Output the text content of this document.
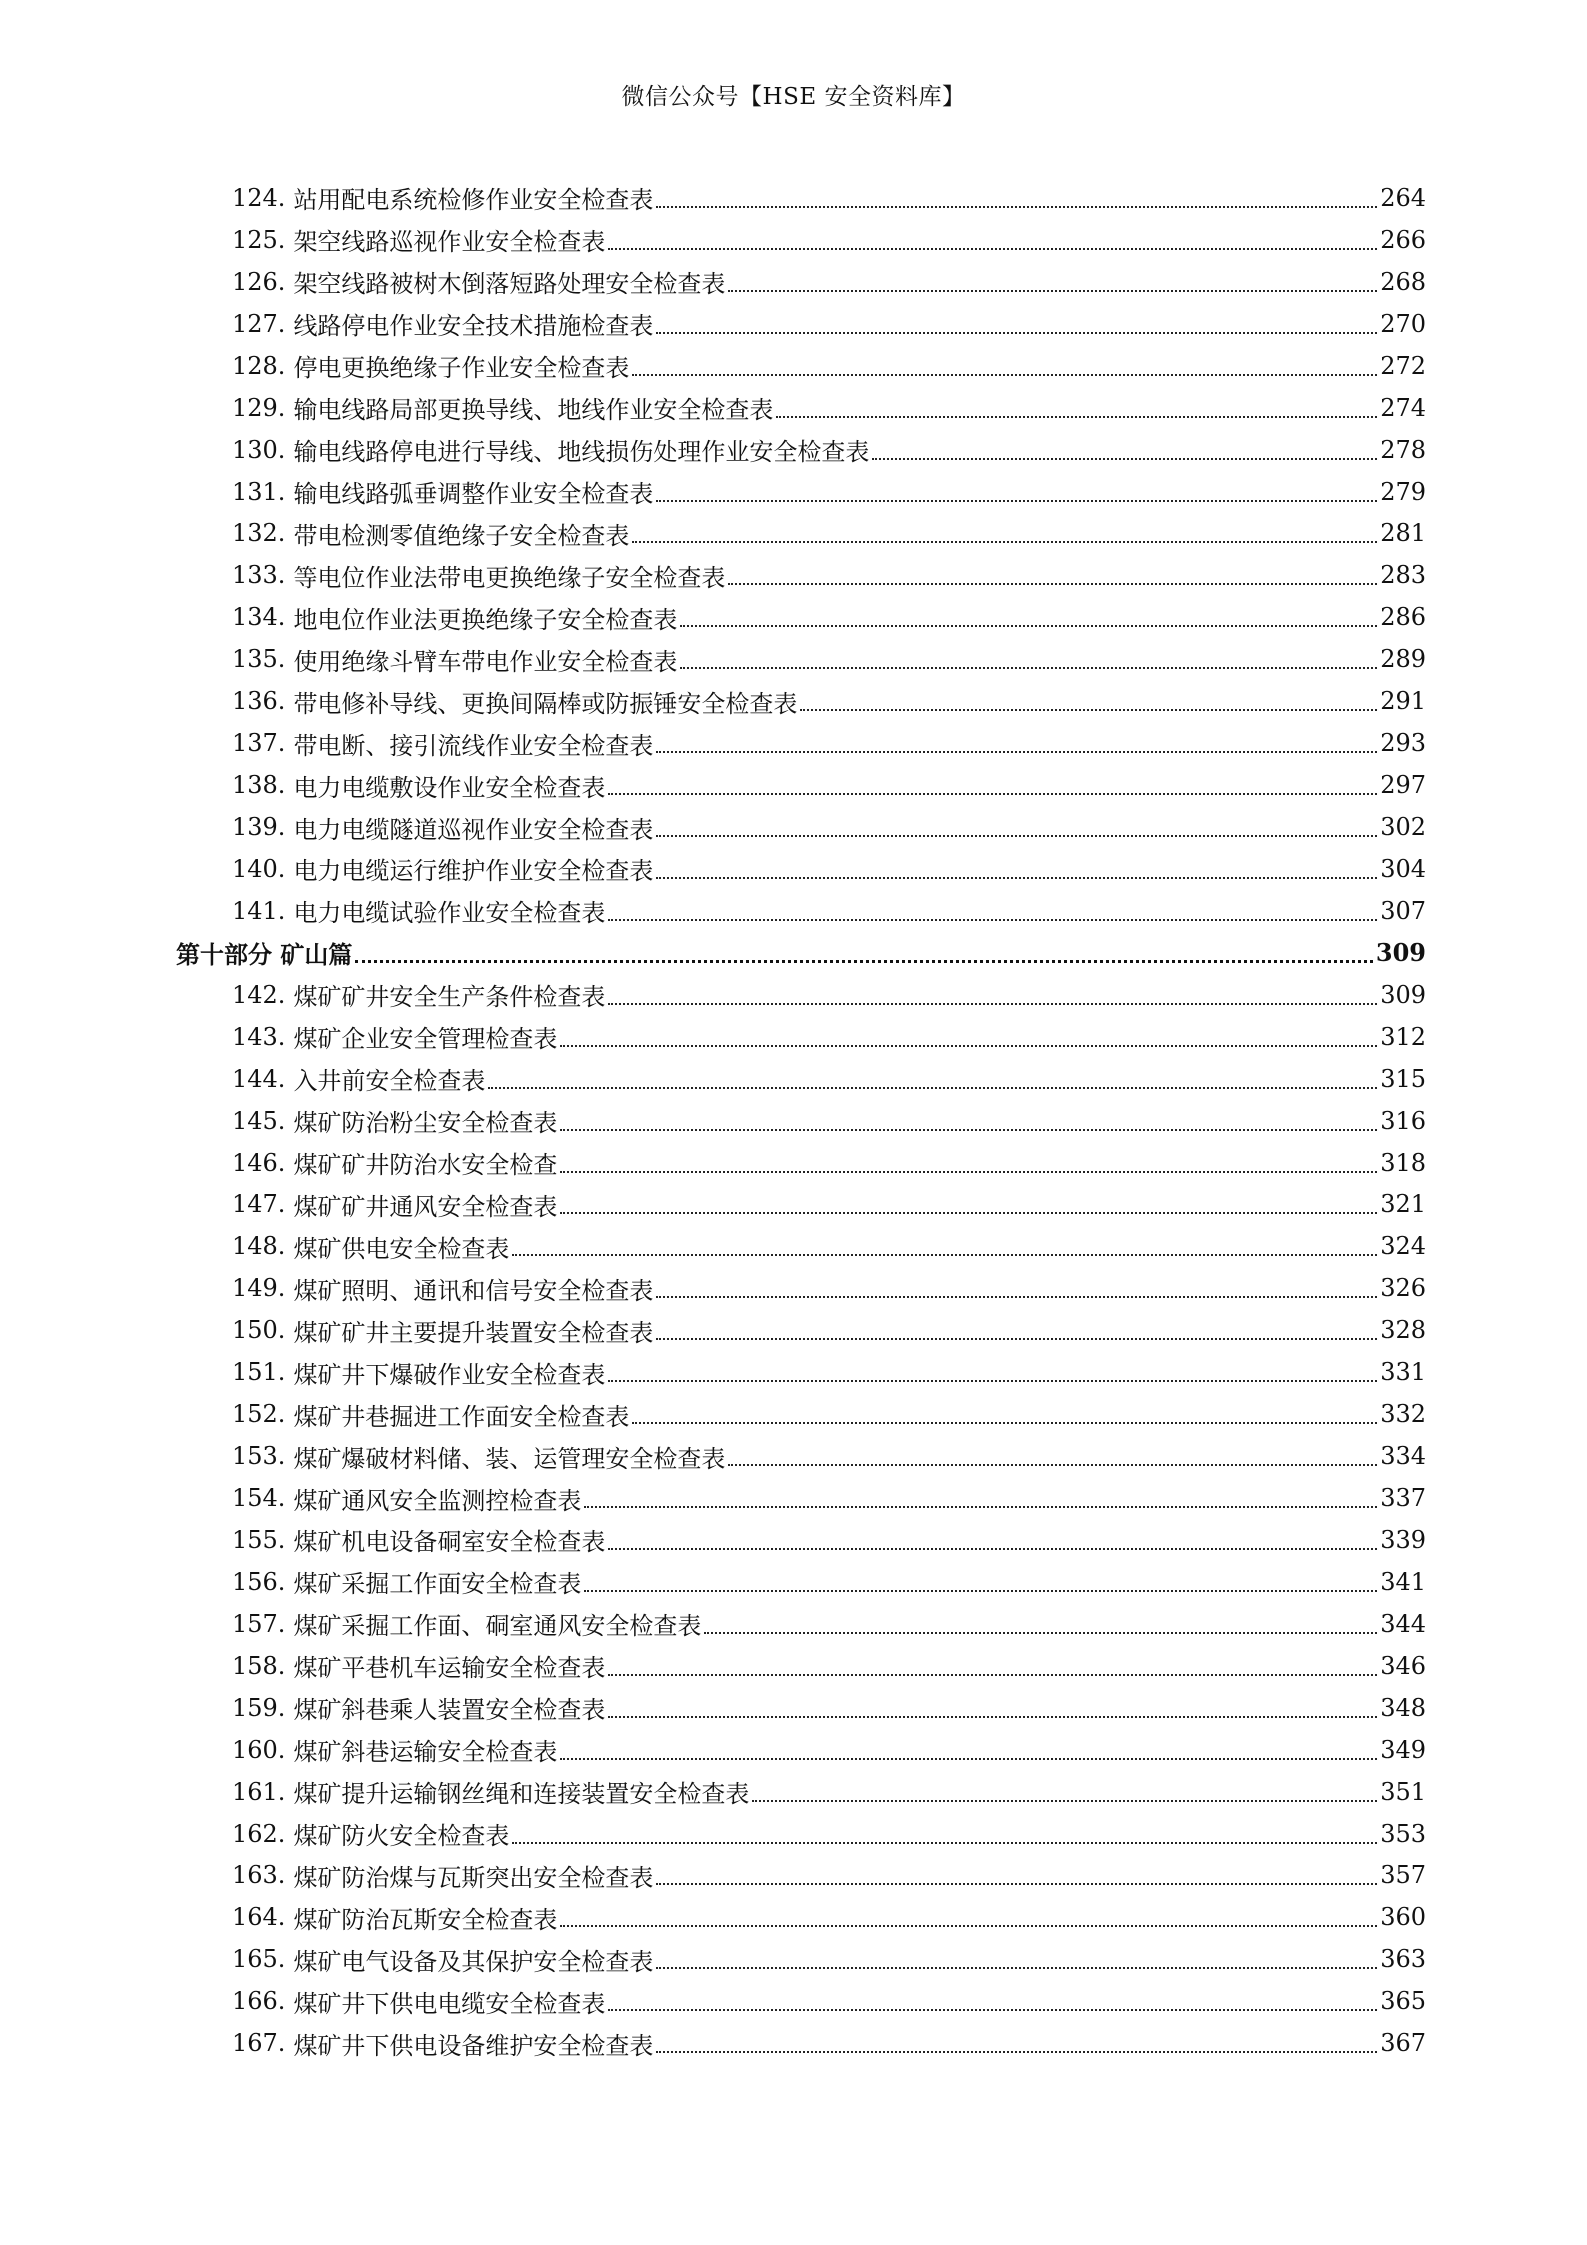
微信公众号【HSE 安全资料库】
124. 站用配电系统检修作业安全检查表	264
125. 架空线路巡视作业安全检查表	266
126. 架空线路被树木倒落短路处理安全检查表	268
127. 线路停电作业安全技术措施检查表	270
128. 停电更换绝缘子作业安全检查表	272
129. 输电线路局部更换导线、地线作业安全检查表	274
130. 输电线路停电进行导线、地线损伤处理作业安全检查表	278
131. 输电线路弧垂调整作业安全检查表	279
132. 带电检测零值绝缘子安全检查表	281
133. 等电位作业法带电更换绝缘子安全检查表	283
134. 地电位作业法更换绝缘子安全检查表	286
135. 使用绝缘斗臂车带电作业安全检查表	289
136. 带电修补导线、更换间隔棒或防振锤安全检查表	291
137. 带电断、接引流线作业安全检查表	293
138. 电力电缆敷设作业安全检查表	297
139. 电力电缆隧道巡视作业安全检查表	302
140. 电力电缆运行维护作业安全检查表	304
141. 电力电缆试验作业安全检查表	307
第十部分 矿山篇	309
142. 煤矿矿井安全生产条件检查表	309
143. 煤矿企业安全管理检查表	312
144. 入井前安全检查表	315
145. 煤矿防治粉尘安全检查表	316
146. 煤矿矿井防治水安全检查	318
147. 煤矿矿井通风安全检查表	321
148. 煤矿供电安全检查表	324
149. 煤矿照明、通讯和信号安全检查表	326
150. 煤矿矿井主要提升装置安全检查表	328
151. 煤矿井下爆破作业安全检查表	331
152. 煤矿井巷掘进工作面安全检查表	332
153. 煤矿爆破材料储、装、运管理安全检查表	334
154. 煤矿通风安全监测控检查表	337
155. 煤矿机电设备硐室安全检查表	339
156. 煤矿采掘工作面安全检查表	341
157. 煤矿采掘工作面、硐室通风安全检查表	344
158. 煤矿平巷机车运输安全检查表	346
159. 煤矿斜巷乘人装置安全检查表	348
160. 煤矿斜巷运输安全检查表	349
161. 煤矿提升运输钢丝绳和连接装置安全检查表	351
162. 煤矿防火安全检查表	353
163. 煤矿防治煤与瓦斯突出安全检查表	357
164. 煤矿防治瓦斯安全检查表	360
165. 煤矿电气设备及其保护安全检查表	363
166. 煤矿井下供电电缆安全检查表	365
167. 煤矿井下供电设备维护安全检查表	367
